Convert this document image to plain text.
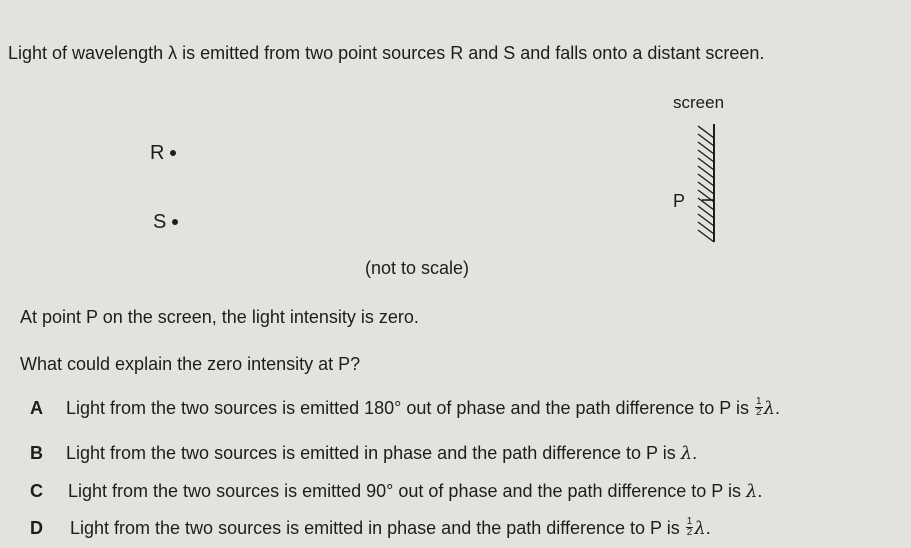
Light of wavelength λ is emitted from two point sources R and S and falls onto a distant screen.
screen
R
S
P
(not to scale)
At point P on the screen, the light intensity is zero.
What could explain the zero intensity at P?
A Light from the two sources is emitted 180° out of phase and the path difference to P is $\frac{1}{2} \lambda$.
B Light from the two sources is emitted in phase and the path difference to P is λ.
C Light from the two sources is emitted 90° out of phase and the path difference to P is λ.
D Light from the two sources is emitted in phase and the path difference to P is $\frac{1}{2} \lambda$.
